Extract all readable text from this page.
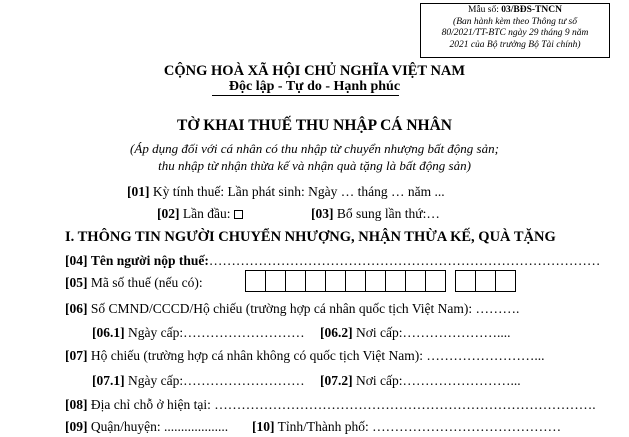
Mẫu số: 03/BĐS-TNCN
(Ban hành kèm theo Thông tư số
80/2021/TT-BTC ngày 29 tháng 9 năm
2021 của Bộ trưởng Bộ Tài chính)
CỘNG HOÀ XÃ HỘI CHỦ NGHĨA VIỆT NAM
Độc lập - Tự do - Hạnh phúc
TỜ KHAI THUẾ THU NHẬP CÁ NHÂN
(Áp dụng đối với cá nhân có thu nhập từ chuyển nhượng bất động sản;
thu nhập từ nhận thừa kế và nhận quà tặng là bất động sản)
[01] Kỳ tính thuế: Lần phát sinh: Ngày … tháng … năm ...
[02] Lần đầu:	[03] Bổ sung lần thứ:…
I. THÔNG TIN NGƯỜI CHUYỂN NHƯỢNG, NHẬN THỪA KẾ, QUÀ TẶNG
[04] Tên người nộp thuế:……………………………………………………………………………
[05] Mã số thuế (nếu có):
[06] Số CMND/CCCD/Hộ chiếu (trường hợp cá nhân quốc tịch Việt Nam): ……….
[06.1] Ngày cấp:……………………… [06.2] Nơi cấp:…………………....
[07] Hộ chiếu (trường hợp cá nhân không có quốc tịch Việt Nam): ……………………...
[07.1] Ngày cấp:……………………… [07.2] Nơi cấp:……………………...
[08] Địa chỉ chỗ ở hiện tại: ………………………………………………………………………….
[09] Quận/huyện: ................... [10] Tỉnh/Thành phố: ……………………………………
